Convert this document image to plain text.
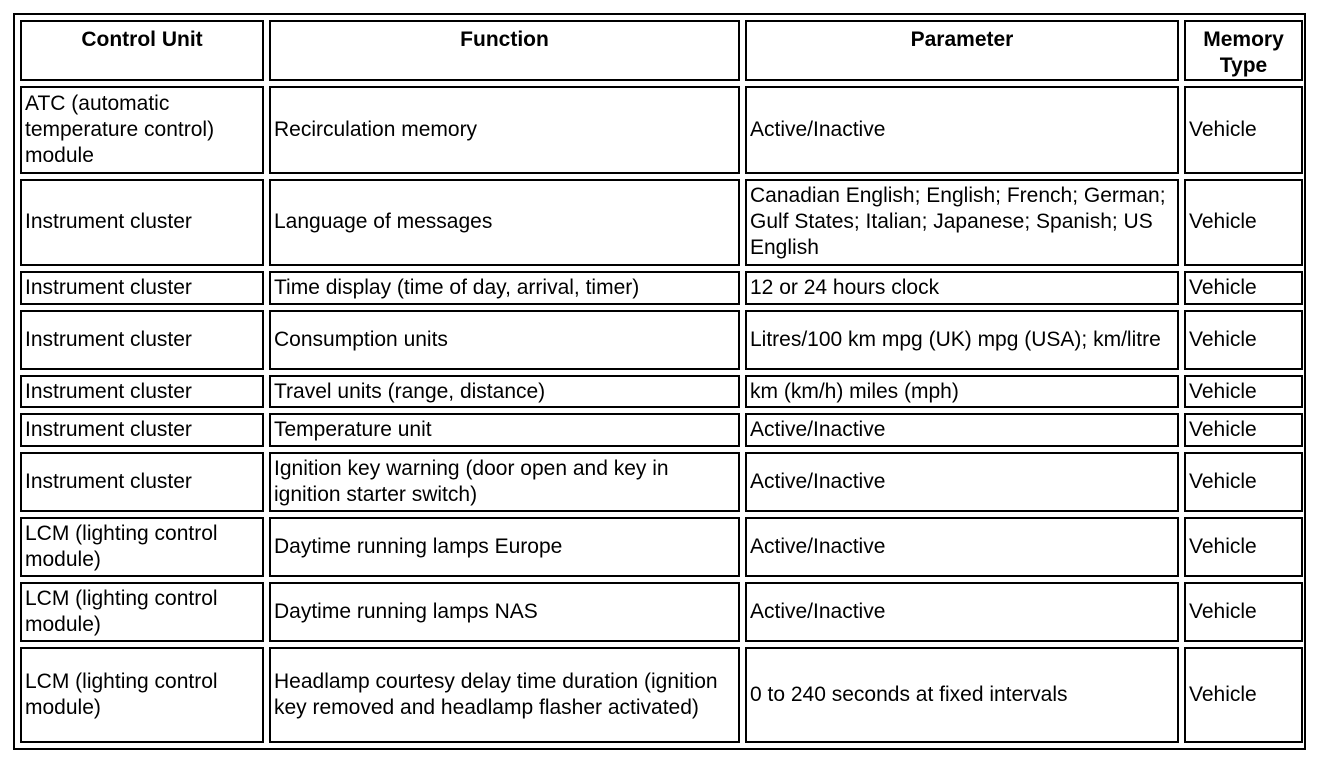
Control Unit	Function	Parameter	Memory Type
ATC (automatic temperature control) module	Recirculation memory	Active/Inactive	Vehicle
Instrument cluster	Language of messages	Canadian English; English; French; German; Gulf States; Italian; Japanese; Spanish; US English	Vehicle
Instrument cluster	Time display (time of day, arrival, timer)	12 or 24 hours clock	Vehicle
Instrument cluster	Consumption units	Litres/100 km mpg (UK) mpg (USA); km/litre	Vehicle
Instrument cluster	Travel units (range, distance)	km (km/h) miles (mph)	Vehicle
Instrument cluster	Temperature unit	Active/Inactive	Vehicle
Instrument cluster	Ignition key warning (door open and key in ignition starter switch)	Active/Inactive	Vehicle
LCM (lighting control module)	Daytime running lamps Europe	Active/Inactive	Vehicle
LCM (lighting control module)	Daytime running lamps NAS	Active/Inactive	Vehicle
LCM (lighting control module)	Headlamp courtesy delay time duration (ignition key removed and headlamp flasher activated)	0 to 240 seconds at fixed intervals	Vehicle
